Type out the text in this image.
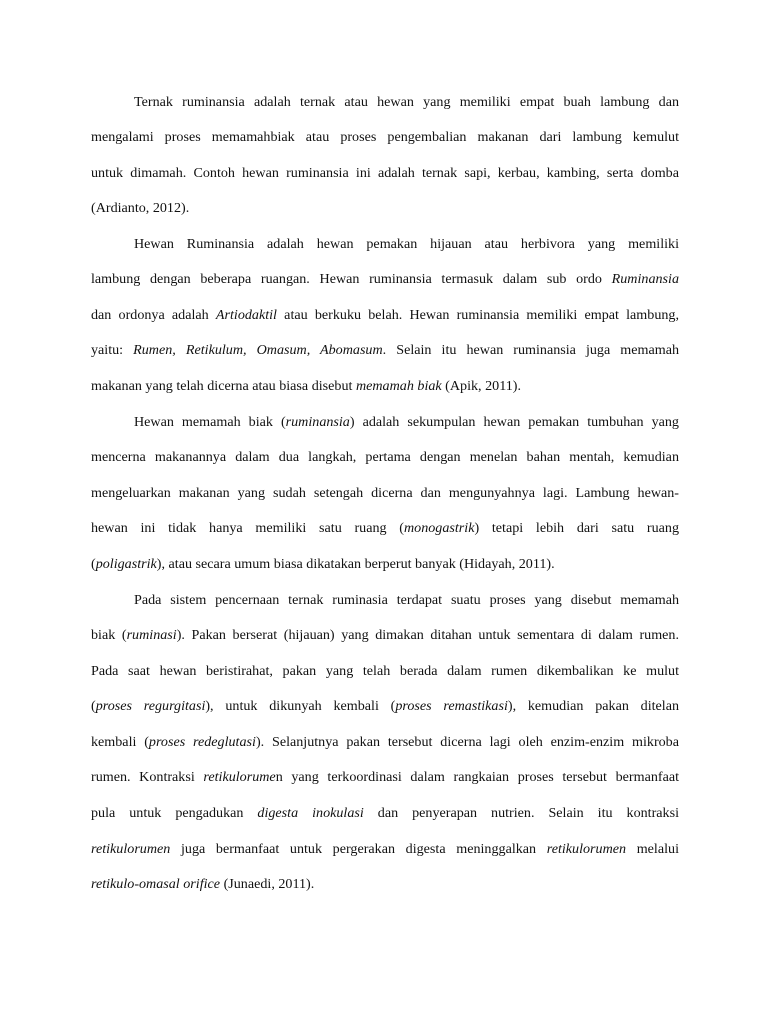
Ternak ruminansia adalah ternak atau hewan yang memiliki empat buah lambung dan
mengalami proses memamahbiak atau proses pengembalian makanan dari lambung kemulut
untuk dimamah. Contoh hewan ruminansia ini adalah ternak sapi, kerbau, kambing, serta domba
(Ardianto, 2012).
Hewan Ruminansia adalah hewan pemakan hijauan atau herbivora yang memiliki
lambung dengan beberapa ruangan. Hewan ruminansia termasuk dalam sub ordo Ruminansia
dan ordonya adalah Artiodaktil atau berkuku belah. Hewan ruminansia memiliki empat lambung,
yaitu: Rumen, Retikulum, Omasum, Abomasum. Selain itu hewan ruminansia juga memamah
makanan yang telah dicerna atau biasa disebut memamah biak (Apik, 2011).
Hewan memamah biak (ruminansia) adalah sekumpulan hewan pemakan tumbuhan yang
mencerna makanannya dalam dua langkah, pertama dengan menelan bahan mentah, kemudian
mengeluarkan makanan yang sudah setengah dicerna dan mengunyahnya lagi. Lambung hewan-
hewan ini tidak hanya memiliki satu ruang (monogastrik) tetapi lebih dari satu ruang
(poligastrik), atau secara umum biasa dikatakan berperut banyak (Hidayah, 2011).
Pada sistem pencernaan ternak ruminasia terdapat suatu proses yang disebut memamah
biak (ruminasi). Pakan berserat (hijauan) yang dimakan ditahan untuk sementara di dalam rumen.
Pada saat hewan beristirahat, pakan yang telah berada dalam rumen dikembalikan ke mulut
(proses regurgitasi), untuk dikunyah kembali (proses remastikasi), kemudian pakan ditelan
kembali (proses redeglutasi). Selanjutnya pakan tersebut dicerna lagi oleh enzim-enzim mikroba
rumen. Kontraksi retikulorumen yang terkoordinasi dalam rangkaian proses tersebut bermanfaat
pula untuk pengadukan digesta inokulasi dan penyerapan nutrien. Selain itu kontraksi
retikulorumen juga bermanfaat untuk pergerakan digesta meninggalkan retikulorumen melalui
retikulo-omasal orifice (Junaedi, 2011).
